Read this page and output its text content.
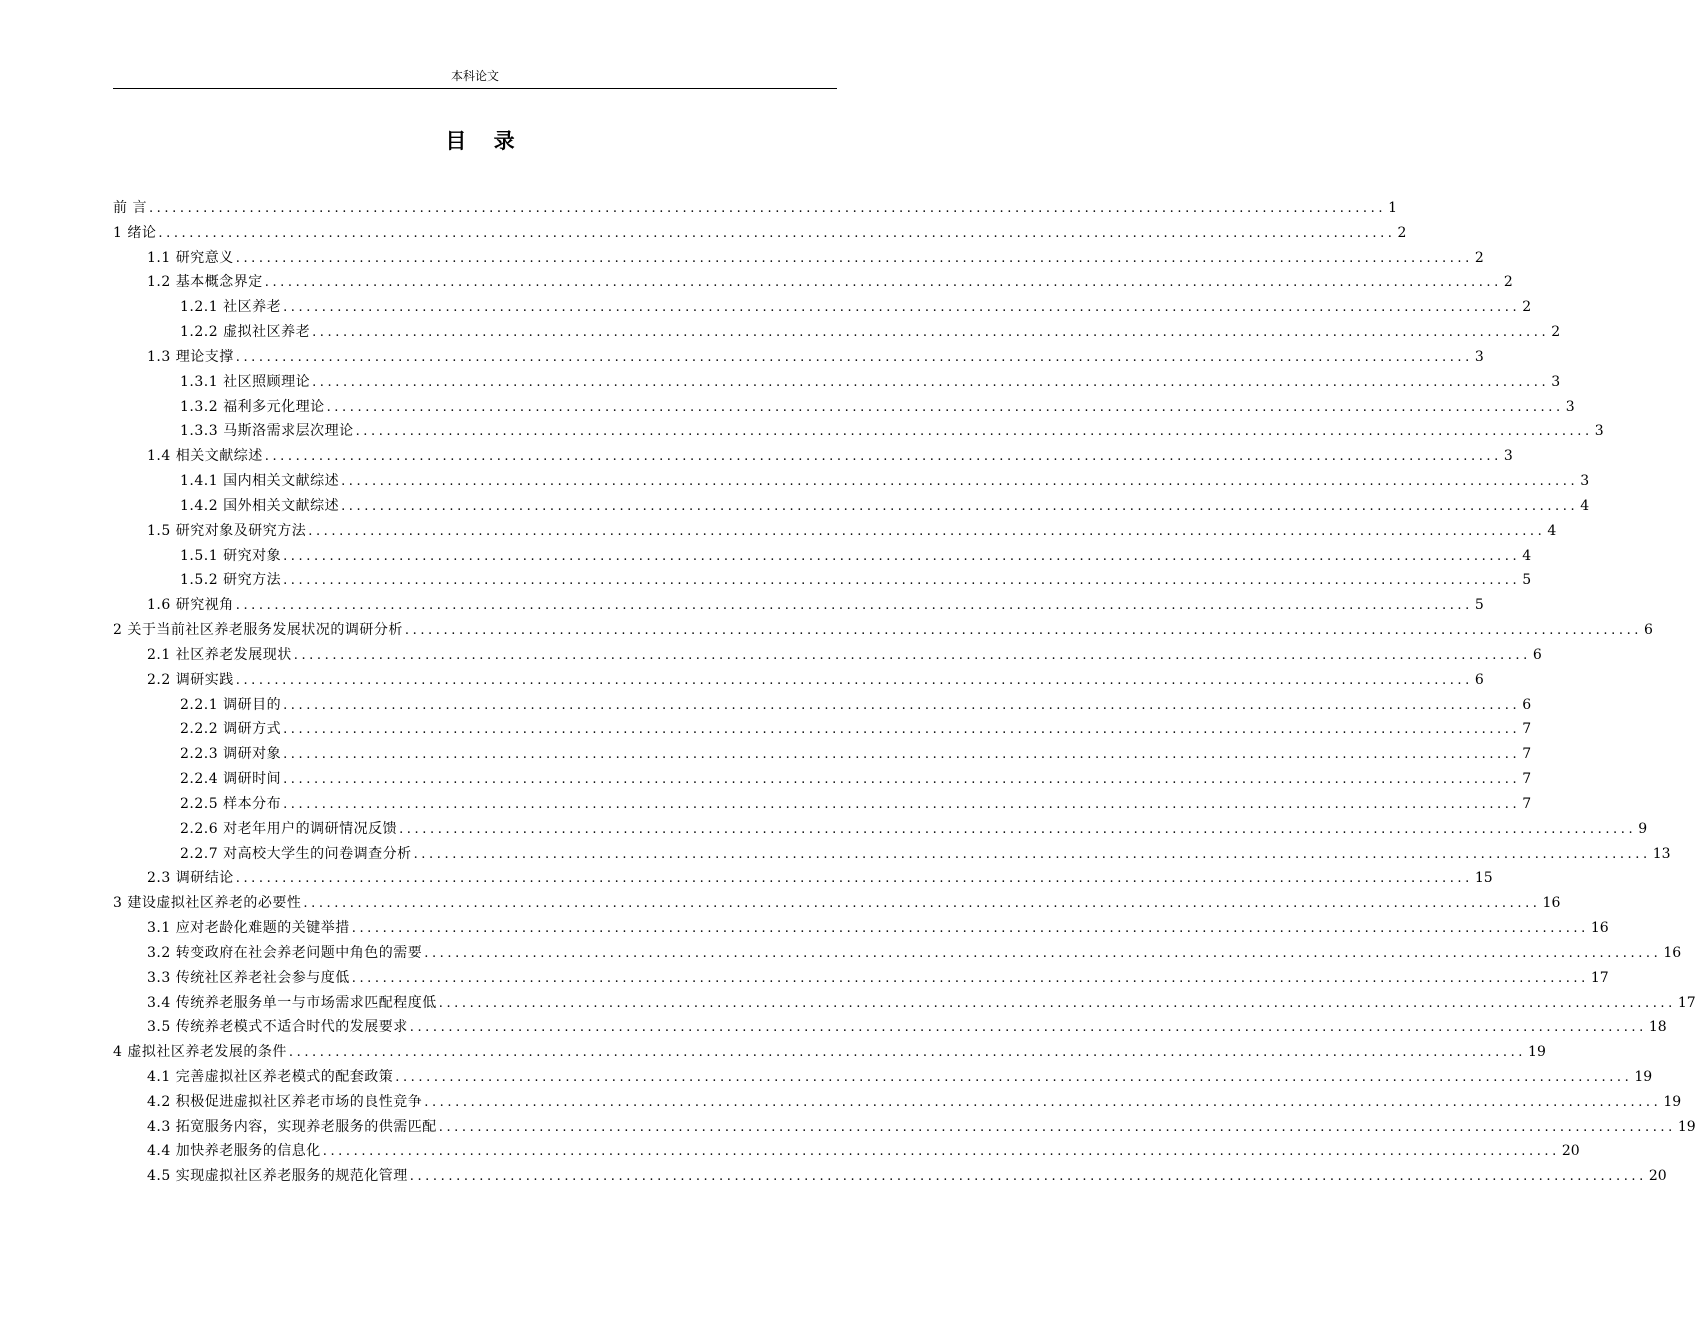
本科论文
目 录
前 言 ................................................................................................................................................................ 1
1 绪论 ................................................................................................................................................................ 2
1.1 研究意义 ................................................................................................................................................................ 2
1.2 基本概念界定 ................................................................................................................................................................ 2
1.2.1 社区养老 ................................................................................................................................................................ 2
1.2.2 虚拟社区养老 ................................................................................................................................................................ 2
1.3 理论支撑 ................................................................................................................................................................ 3
1.3.1 社区照顾理论 ................................................................................................................................................................ 3
1.3.2 福利多元化理论 ................................................................................................................................................................ 3
1.3.3 马斯洛需求层次理论 ................................................................................................................................................................ 3
1.4 相关文献综述 ................................................................................................................................................................ 3
1.4.1 国内相关文献综述 ................................................................................................................................................................ 3
1.4.2 国外相关文献综述 ................................................................................................................................................................ 4
1.5 研究对象及研究方法 ................................................................................................................................................................ 4
1.5.1 研究对象 ................................................................................................................................................................ 4
1.5.2 研究方法 ................................................................................................................................................................ 5
1.6 研究视角 ................................................................................................................................................................ 5
2 关于当前社区养老服务发展状况的调研分析 ................................................................................................................................................................ 6
2.1 社区养老发展现状 ................................................................................................................................................................ 6
2.2 调研实践 ................................................................................................................................................................ 6
2.2.1 调研目的 ................................................................................................................................................................ 6
2.2.2 调研方式 ................................................................................................................................................................ 7
2.2.3 调研对象 ................................................................................................................................................................ 7
2.2.4 调研时间 ................................................................................................................................................................ 7
2.2.5 样本分布 ................................................................................................................................................................ 7
2.2.6 对老年用户的调研情况反馈 ................................................................................................................................................................ 9
2.2.7 对高校大学生的问卷调查分析 ................................................................................................................................................................ 13
2.3 调研结论 ................................................................................................................................................................ 15
3 建设虚拟社区养老的必要性 ................................................................................................................................................................ 16
3.1 应对老龄化难题的关键举措 ................................................................................................................................................................ 16
3.2 转变政府在社会养老问题中角色的需要 ................................................................................................................................................................ 16
3.3 传统社区养老社会参与度低 ................................................................................................................................................................ 17
3.4 传统养老服务单一与市场需求匹配程度低 ................................................................................................................................................................ 17
3.5 传统养老模式不适合时代的发展要求 ................................................................................................................................................................ 18
4 虚拟社区养老发展的条件 ................................................................................................................................................................ 19
4.1 完善虚拟社区养老模式的配套政策 ................................................................................................................................................................ 19
4.2 积极促进虚拟社区养老市场的良性竞争 ................................................................................................................................................................ 19
4.3 拓宽服务内容，实现养老服务的供需匹配 ................................................................................................................................................................ 19
4.4 加快养老服务的信息化 ................................................................................................................................................................ 20
4.5 实现虚拟社区养老服务的规范化管理 ................................................................................................................................................................ 20
